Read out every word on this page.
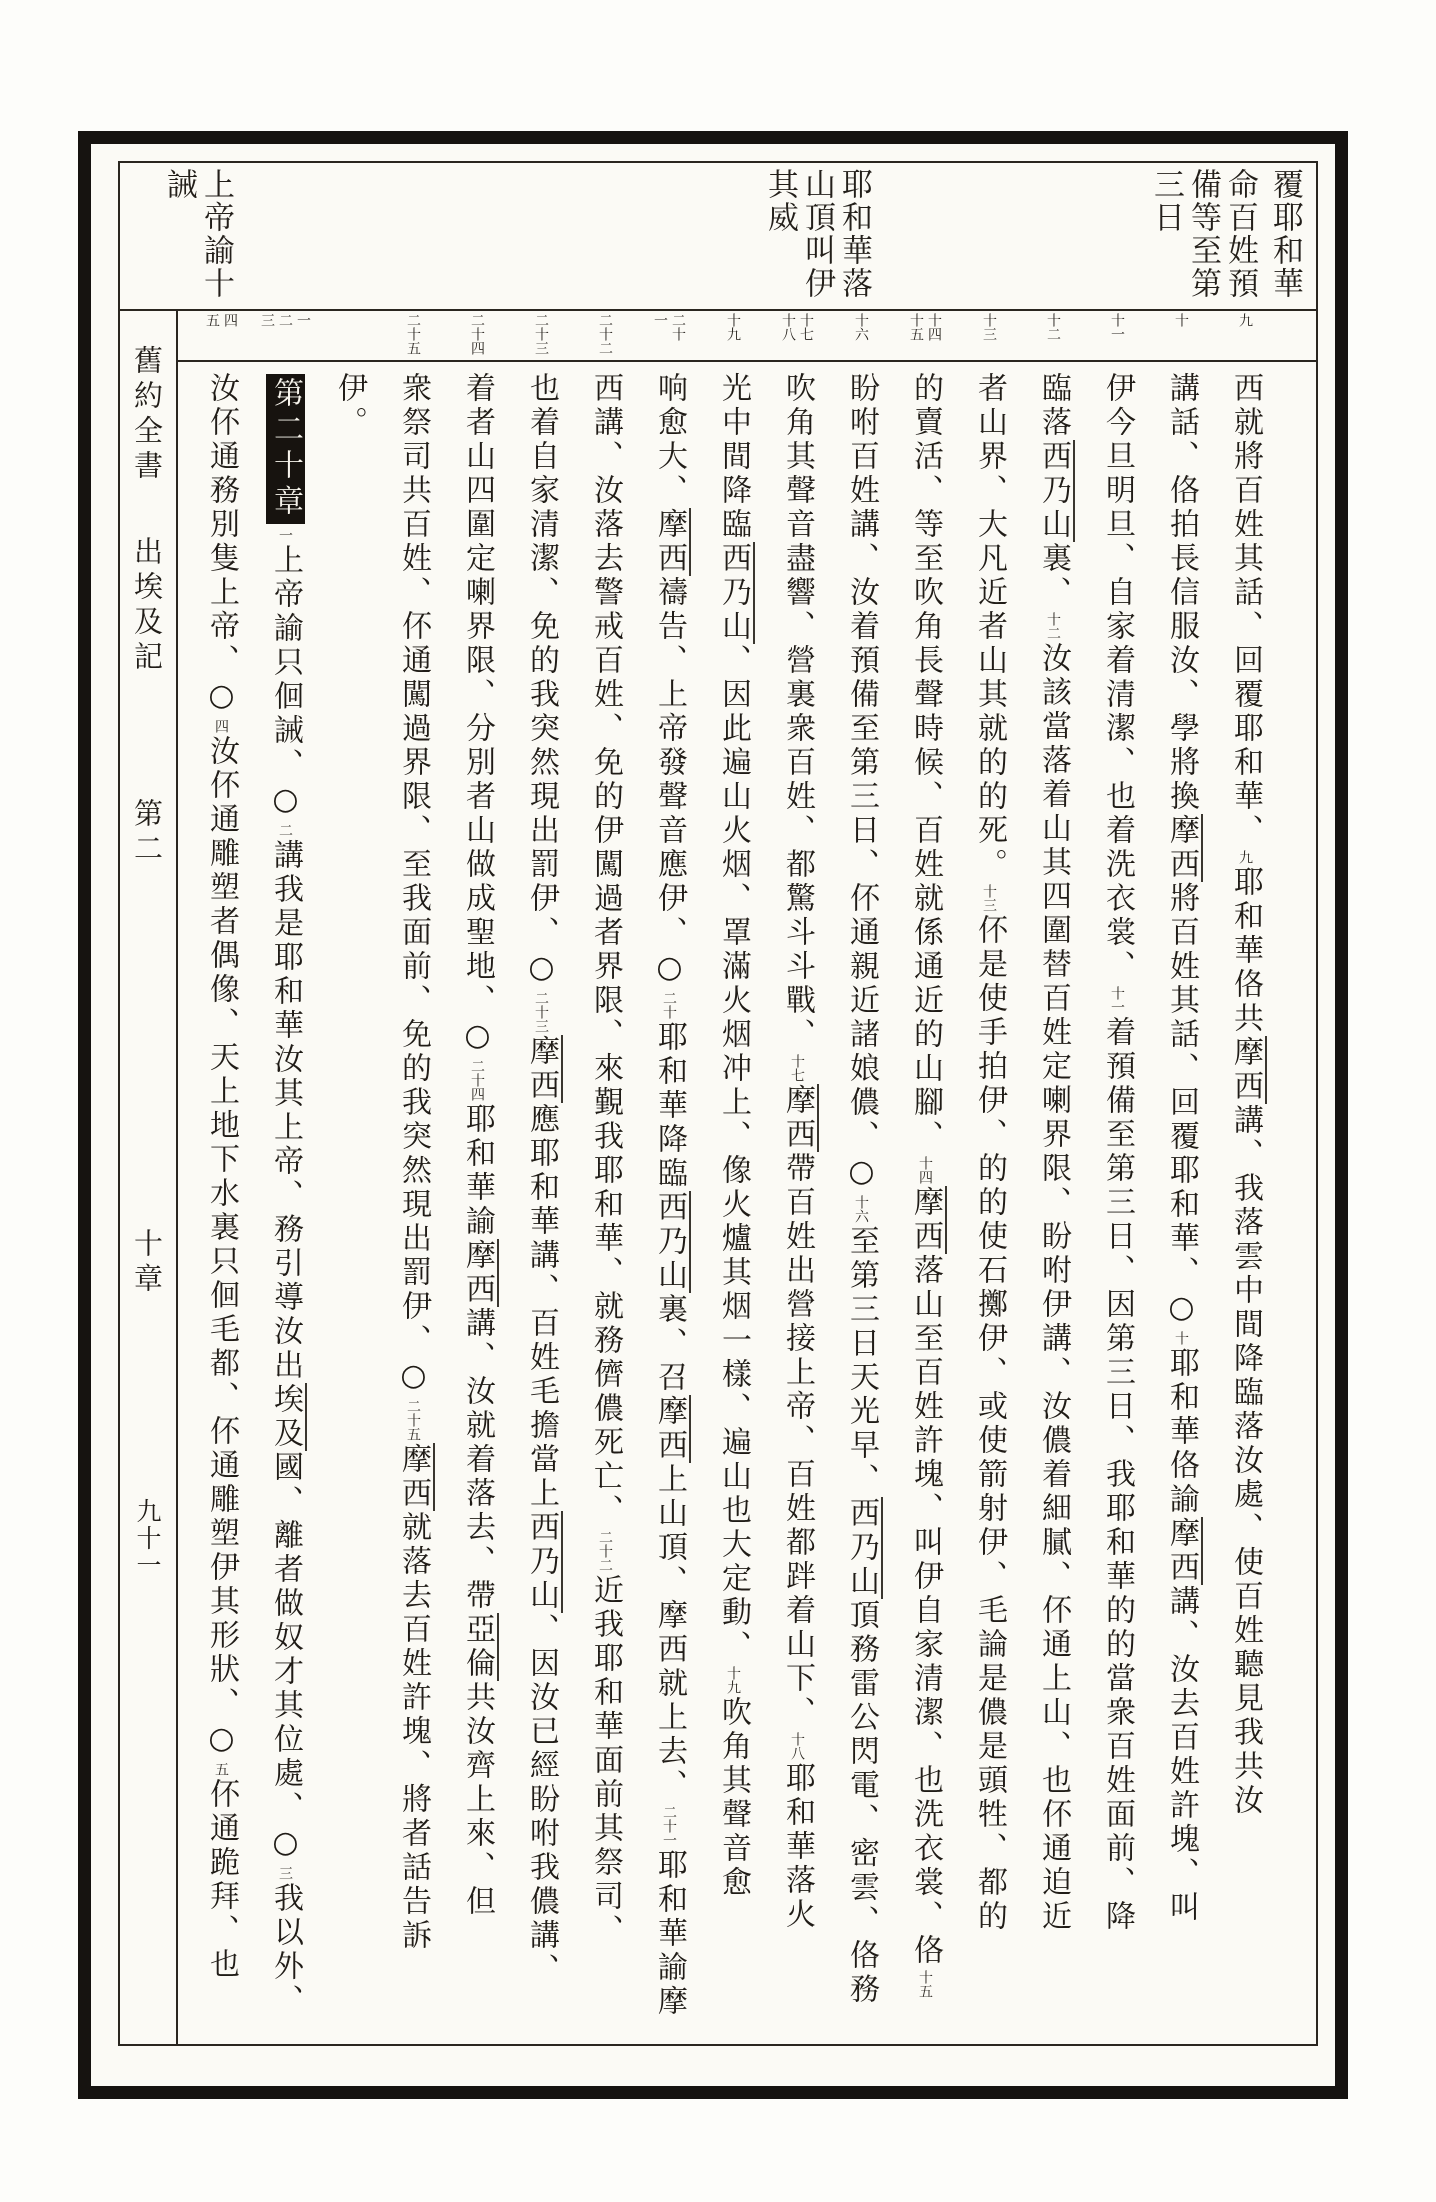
覆耶和華
命百姓預備等至第三日
耶和華落山頂叫伊其威
上帝諭十誡
九
十
十一
十二
十三
十四
十五
十六
十七
十八
十九
二十
一
二十二
二十三
二十四
二十五
一
二
三
四
五
西就將百姓其話、回覆耶和華、九耶和華佫共摩西講、我落雲中間降臨落汝處、使百姓聽見我共汝
講話、佫拍長信服汝、學將換摩西將百姓其話、回覆耶和華、○十耶和華佫諭摩西講、汝去百姓許塊、叫
伊今旦明旦、自家着清潔、也着洗衣裳、十一着預備至第三日、因第三日、我耶和華的的當衆百姓面前、降
臨落西乃山裏、十二汝該當落着山其四圍替百姓定喇界限、盼咐伊講、汝儂着細膩、伓通上山、也伓通迫近
者山界、大凡近者山其就的的死。十三伓是使手拍伊、的的使石擲伊、或使箭射伊、毛論是儂是頭牲、都的
的賣活、等至吹角長聲時候、百姓就係通近的山腳、十四摩西落山至百姓許塊、叫伊自家清潔、也洗衣裳、佫十五
盼咐百姓講、汝着預備至第三日、伓通親近諸娘儂、○十六至第三日天光早、西乃山頂務雷公閃電、密雲、佫務
吹角其聲音盡響、營裏衆百姓、都驚斗斗戰、十七摩西帶百姓出營接上帝、百姓都跘着山下、十八耶和華落火
光中間降臨西乃山、因此遍山火烟、罩滿火烟冲上、像火爐其烟一樣、遍山也大定動、十九吹角其聲音愈
响愈大、摩西禱告、上帝發聲音應伊、○二十耶和華降臨西乃山裏、召摩西上山頂、摩西就上去、二十一耶和華諭摩
西講、汝落去警戒百姓、免的伊闖過者界限、來覲我耶和華、就務儕儂死亡、二十二近我耶和華面前其祭司、
也着自家清潔、免的我突然現出罰伊、○二十三摩西應耶和華講、百姓毛擔當上西乃山、因汝已經盼咐我儂講、
着者山四圍定喇界限、分別者山做成聖地、○二十四耶和華諭摩西講、汝就着落去、帶亞倫共汝齊上來、但
衆祭司共百姓、伓通闖過界限、至我面前、免的我突然現出罰伊、○二十五摩西就落去百姓許塊、將者話告訴
伊。
第二十章一上帝諭只佪誡、○二講我是耶和華汝其上帝、務引導汝出埃及國、離者做奴才其位處、○三我以外、
汝伓通務別隻上帝、○四汝伓通雕塑者偶像、天上地下水裏只佪毛都、伓通雕塑伊其形狀、○五伓通跪拜、也
舊約全書
出埃及記
第二
十章
九十一
